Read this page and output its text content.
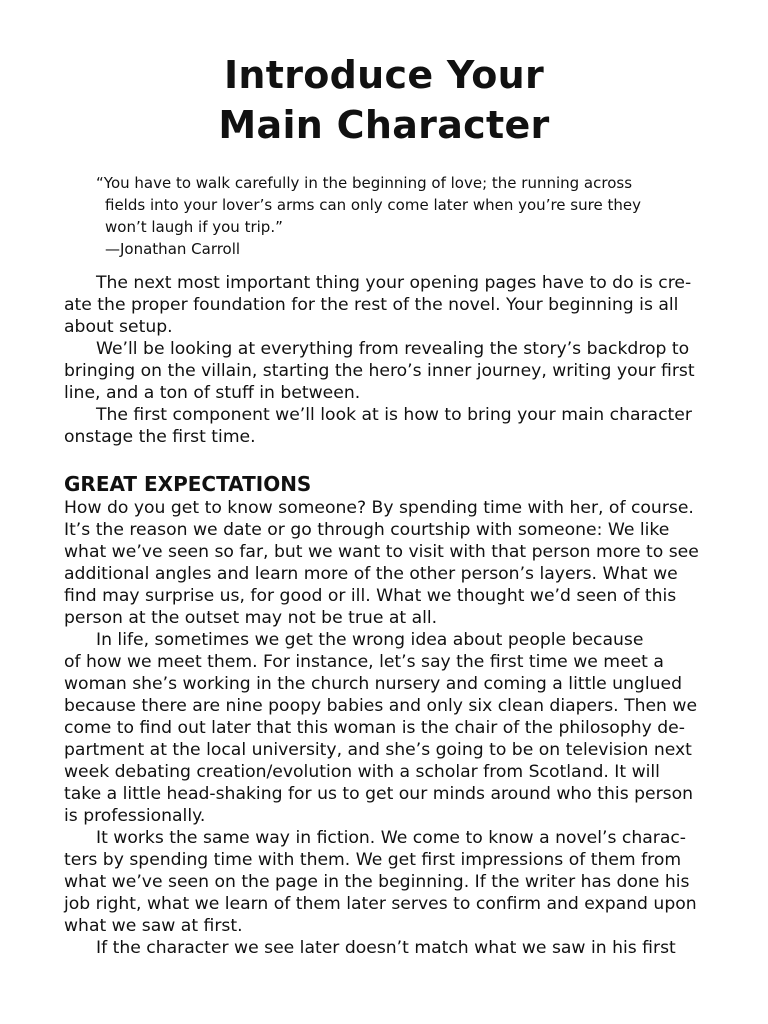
Introduce Your
Main Character
“You have to walk carefully in the beginning of love; the running across
fields into your lover’s arms can only come later when you’re sure they
won’t laugh if you trip.”
—Jonathan Carroll
The next most important thing your opening pages have to do is cre-
ate the proper foundation for the rest of the novel. Your beginning is all
about setup.
We’ll be looking at everything from revealing the story’s backdrop to
bringing on the villain, starting the hero’s inner journey, writing your first
line, and a ton of stuff in between.
The first component we’ll look at is how to bring your main character
onstage the first time.
GREAT EXPECTATIONS
How do you get to know someone? By spending time with her, of course.
It’s the reason we date or go through courtship with someone: We like
what we’ve seen so far, but we want to visit with that person more to see
additional angles and learn more of the other person’s layers. What we
find may surprise us, for good or ill. What we thought we’d seen of this
person at the outset may not be true at all.
In life, sometimes we get the wrong idea about people because
of how we meet them. For instance, let’s say the first time we meet a
woman she’s working in the church nursery and coming a little unglued
because there are nine poopy babies and only six clean diapers. Then we
come to find out later that this woman is the chair of the philosophy de-
partment at the local university, and she’s going to be on television next
week debating creation/evolution with a scholar from Scotland. It will
take a little head-shaking for us to get our minds around who this person
is professionally.
It works the same way in fiction. We come to know a novel’s charac-
ters by spending time with them. We get first impressions of them from
what we’ve seen on the page in the beginning. If the writer has done his
job right, what we learn of them later serves to confirm and expand upon
what we saw at first.
If the character we see later doesn’t match what we saw in his first
